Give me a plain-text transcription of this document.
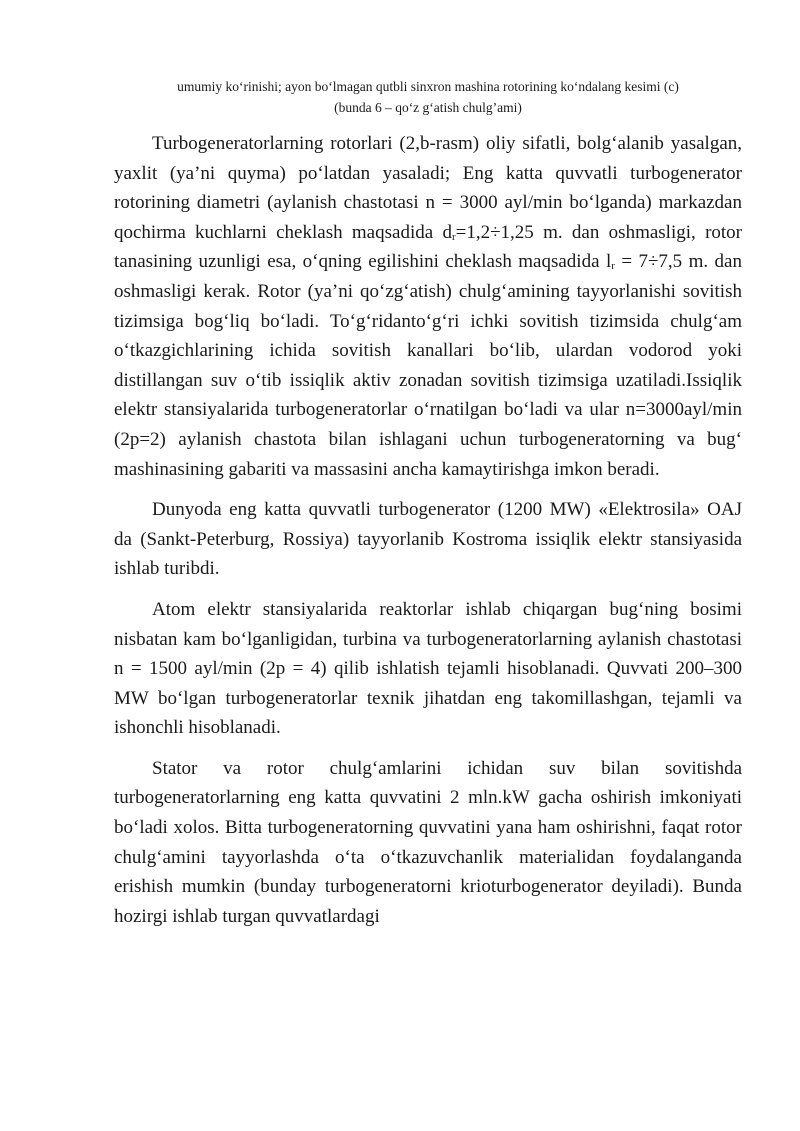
umumiy koʻrinishi; ayon boʻlmagan qutbli sinxron mashina rotorining koʻndalang kesimi (c)
(bunda 6 – qoʻz gʻatish chulgʼami)

Turbogeneratorlarning rotorlari (2,b-rasm) oliy sifatli, bolgʻalanib yasalgan, yaxlit (yaʼni quyma) poʻlatdan yasaladi; Eng katta quvvatli turbogenerator rotorining diametri (aylanish chastotasi n = 3000 ayl/min boʻlganda) markazdan qochirma kuchlarni cheklash maqsadida $d_r=1,2\div 1,25$ m. dan oshmasligi, rotor tanasining uzunligi esa, oʻqning egilishini cheklash maqsadida $l_r = 7\div 7,5$ m. dan oshmasligi kerak. Rotor (yaʼni qoʻzgʻatish) chulgʻamining tayyorlanishi sovitish tizimsiga bogʻliq boʻladi. Toʻgʻridantoʻgʻri ichki sovitish tizimsida chulgʻam oʻtkazgichlarining ichida sovitish kanallari boʻlib, ulardan vodorod yoki distillangan suv oʻtib issiqlik aktiv zonadan sovitish tizimsiga uzatiladi.Issiqlik elektr stansiyalarida turbogeneratorlar oʻrnatilgan boʻladi va ular n=3000ayl/min (2p=2) aylanish chastota bilan ishlagani uchun turbogeneratorning va bugʻ mashinasining gabariti va massasini ancha kamaytirishga imkon beradi.

Dunyoda eng katta quvvatli turbogenerator (1200 MW) «Elektrosila» OAJ da (Sankt-Peterburg, Rossiya) tayyorlanib Kostroma issiqlik elektr stansiyasida ishlab turibdi.

Atom elektr stansiyalarida reaktorlar ishlab chiqargan bugʻning bosimi nisbatan kam boʻlganligidan, turbina va turbogeneratorlarning aylanish chastotasi n = 1500 ayl/min (2p = 4) qilib ishlatish tejamli hisoblanadi. Quvvati 200–300 MW boʻlgan turbogeneratorlar texnik jihatdan eng takomillashgan, tejamli va ishonchli hisoblanadi.

Stator va rotor chulgʻamlarini ichidan suv bilan sovitishda turbogeneratorlarning eng katta quvvatini 2 mln.kW gacha oshirish imkoniyati boʻladi xolos. Bitta turbogeneratorning quvvatini yana ham oshirishni, faqat rotor chulgʻamini tayyorlashda oʻta oʻtkazuvchanlik materialidan foydalanganda erishish mumkin (bunday turbogeneratorni krioturbogenerator deyiladi). Bunda hozirgi ishlab turgan quvvatlardagi
